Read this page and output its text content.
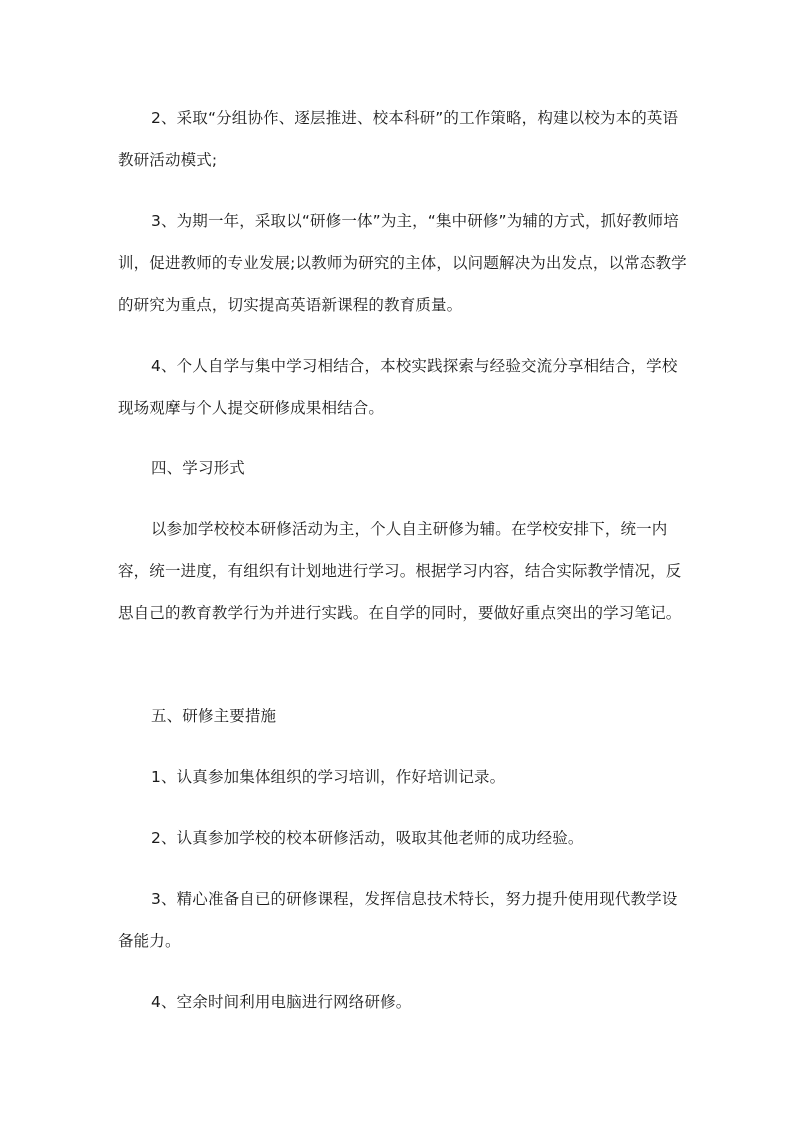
2、采取“分组协作、逐层推进、校本科研”的工作策略，构建以校为本的英语教研活动模式;

3、为期一年，采取以“研修一体”为主，“集中研修”为辅的方式，抓好教师培训，促进教师的专业发展;以教师为研究的主体，以问题解决为出发点，以常态教学的研究为重点，切实提高英语新课程的教育质量。

4、个人自学与集中学习相结合，本校实践探索与经验交流分享相结合，学校现场观摩与个人提交研修成果相结合。

四、学习形式

以参加学校校本研修活动为主，个人自主研修为辅。在学校安排下，统一内容，统一进度，有组织有计划地进行学习。根据学习内容，结合实际教学情况，反思自己的教育教学行为并进行实践。在自学的同时，要做好重点突出的学习笔记。

五、研修主要措施

1、认真参加集体组织的学习培训，作好培训记录。

2、认真参加学校的校本研修活动，吸取其他老师的成功经验。

3、精心准备自已的研修课程，发挥信息技术特长，努力提升使用现代教学设备能力。

4、空余时间利用电脑进行网络研修。
